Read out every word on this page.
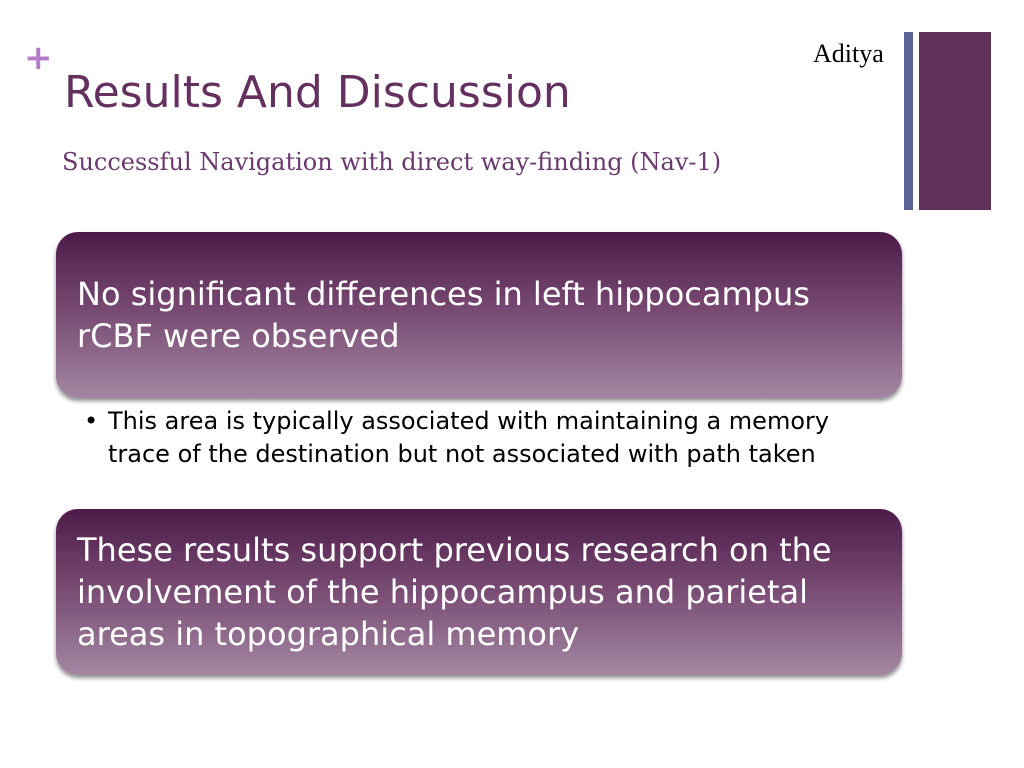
+
Results And Discussion
Successful Navigation with direct way-finding (Nav-1)
Aditya
No significant differences in left hippocampus rCBF were observed
• This area is typically associated with maintaining a memory trace of the destination but not associated with path taken
These results support previous research on the involvement of the hippocampus and parietal areas in topographical memory
